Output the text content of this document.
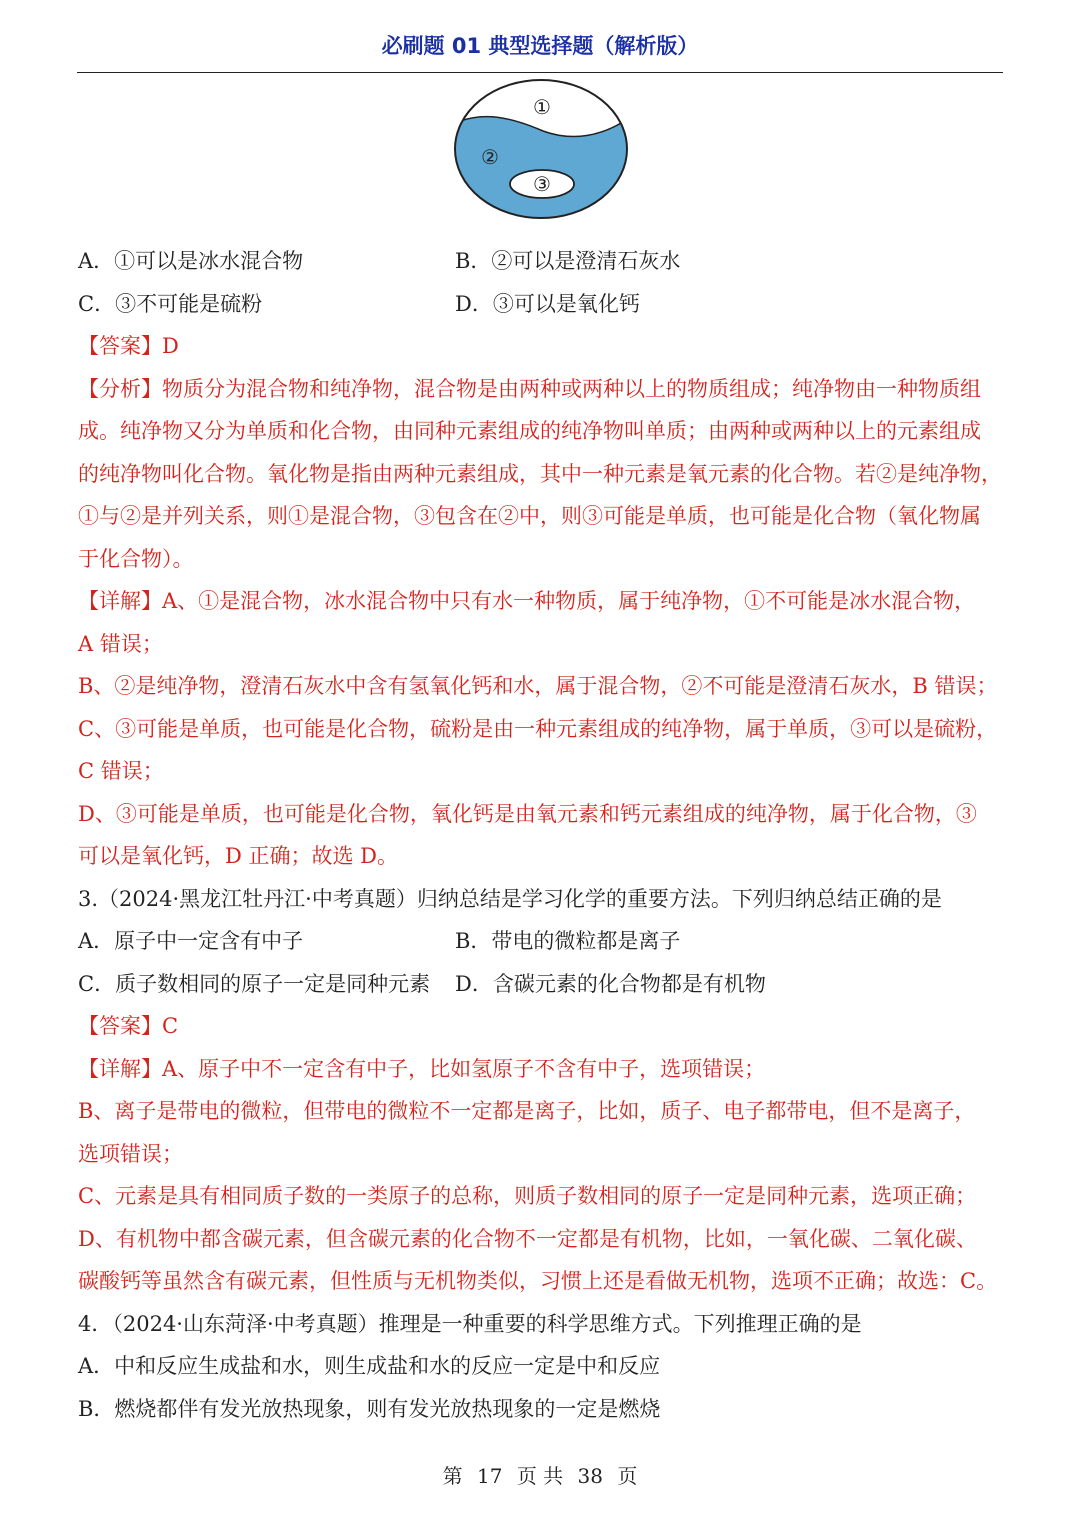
必刷题 01 典型选择题（解析版）
①
②
③
A．①可以是冰水混合物	B．②可以是澄清石灰水
C．③不可能是硫粉	D．③可以是氧化钙
【答案】D
【分析】物质分为混合物和纯净物，混合物是由两种或两种以上的物质组成；纯净物由一种物质组
成。纯净物又分为单质和化合物，由同种元素组成的纯净物叫单质；由两种或两种以上的元素组成
的纯净物叫化合物。氧化物是指由两种元素组成，其中一种元素是氧元素的化合物。若②是纯净物，
①与②是并列关系，则①是混合物，③包含在②中，则③可能是单质，也可能是化合物（氧化物属
于化合物）。
【详解】A、①是混合物，冰水混合物中只有水一种物质，属于纯净物，①不可能是冰水混合物，
A 错误；
B、②是纯净物，澄清石灰水中含有氢氧化钙和水，属于混合物，②不可能是澄清石灰水，B 错误；
C、③可能是单质，也可能是化合物，硫粉是由一种元素组成的纯净物，属于单质，③可以是硫粉，
C 错误；
D、③可能是单质，也可能是化合物，氧化钙是由氧元素和钙元素组成的纯净物，属于化合物，③
可以是氧化钙，D 正确；故选 D。
3.（2024·黑龙江牡丹江·中考真题）归纳总结是学习化学的重要方法。下列归纳总结正确的是
A．原子中一定含有中子	B．带电的微粒都是离子
C．质子数相同的原子一定是同种元素	D．含碳元素的化合物都是有机物
【答案】C
【详解】A、原子中不一定含有中子，比如氢原子不含有中子，选项错误；
B、离子是带电的微粒，但带电的微粒不一定都是离子，比如，质子、电子都带电，但不是离子，
选项错误；
C、元素是具有相同质子数的一类原子的总称，则质子数相同的原子一定是同种元素，选项正确；
D、有机物中都含碳元素，但含碳元素的化合物不一定都是有机物，比如，一氧化碳、二氧化碳、
碳酸钙等虽然含有碳元素，但性质与无机物类似，习惯上还是看做无机物，选项不正确；故选：C。
4．（2024·山东菏泽·中考真题）推理是一种重要的科学思维方式。下列推理正确的是
A．中和反应生成盐和水，则生成盐和水的反应一定是中和反应
B．燃烧都伴有发光放热现象，则有发光放热现象的一定是燃烧
第 17 页 共 38 页
